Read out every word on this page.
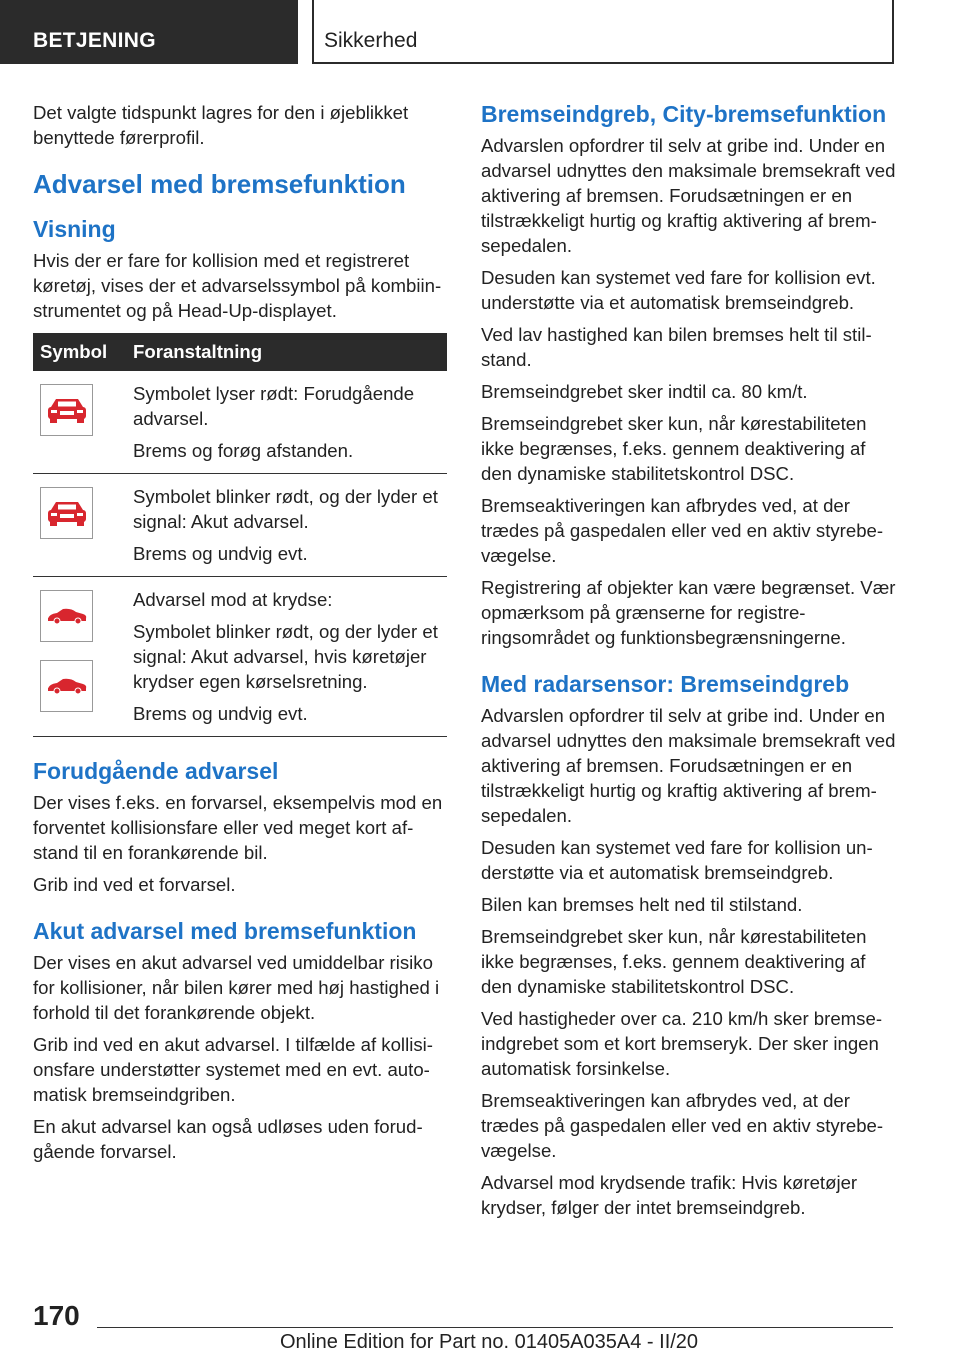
BETJENING	Sikkerhed

Det valgte tidspunkt lagres for den i øjeblikket benyttede førerprofil.

Advarsel med bremsefunktion
Visning

Hvis der er fare for kollision med et registreret køretøj, vises der et advarselssymbol på kombiinstrumentet og på Head-Up-displayet.

Symbol	Foranstaltning

Symbolet lyser rødt: Forudgående advarsel.

Brems og forøg afstanden.

Symbolet blinker rødt, og der lyder et signal: Akut advarsel.

Brems og undvig evt.

Advarsel mod at krydse:

Symbolet blinker rødt, og der lyder et signal: Akut advarsel, hvis køretøjer krydser egen kørselsretning.

Brems og undvig evt.

Forudgående advarsel

Der vises f.eks. en forvarsel, eksempelvis mod en forventet kollisionsfare eller ved meget kort afstand til en forankørende bil.

Grib ind ved et forvarsel.

Akut advarsel med bremsefunktion

Der vises en akut advarsel ved umiddelbar risiko for kollisioner, når bilen kører med høj hastighed i forhold til det forankørende objekt.

Grib ind ved en akut advarsel. I tilfælde af kollisionsfare understøtter systemet med en evt. automatisk bremseindgriben.

En akut advarsel kan også udløses uden forudgående forvarsel.

Bremseindgreb, City-bremsefunktion

Advarslen opfordrer til selv at gribe ind. Under en advarsel udnyttes den maksimale bremsekraft ved aktivering af bremsen. Forudsætningen er en tilstrækkeligt hurtig og kraftig aktivering af bremsepedalen.

Desuden kan systemet ved fare for kollision evt. understøtte via et automatisk bremseindgreb.

Ved lav hastighed kan bilen bremses helt til stilstand.

Bremseindgrebet sker indtil ca. 80 km/t.

Bremseindgrebet sker kun, når kørestabiliteten ikke begrænses, f.eks. gennem deaktivering af den dynamiske stabilitetskontrol DSC.

Bremseaktiveringen kan afbrydes ved, at der trædes på gaspedalen eller ved en aktiv styrebevægelse.

Registrering af objekter kan være begrænset. Vær opmærksom på grænserne for registreringsområdet og funktionsbegrænsningerne.

Med radarsensor: Bremseindgreb

Advarslen opfordrer til selv at gribe ind. Under en advarsel udnyttes den maksimale bremsekraft ved aktivering af bremsen. Forudsætningen er en tilstrækkeligt hurtig og kraftig aktivering af bremsepedalen.

Desuden kan systemet ved fare for kollision understøtte via et automatisk bremseindgreb.

Bilen kan bremses helt ned til stilstand.

Bremseindgrebet sker kun, når kørestabiliteten ikke begrænses, f.eks. gennem deaktivering af den dynamiske stabilitetskontrol DSC.

Ved hastigheder over ca. 210 km/h sker bremseindgrebet som et kort bremseryk. Der sker ingen automatisk forsinkelse.

Bremseaktiveringen kan afbrydes ved, at der trædes på gaspedalen eller ved en aktiv styrebevægelse.

Advarsel mod krydsende trafik: Hvis køretøjer krydser, følger der intet bremseindgreb.

170
Online Edition for Part no. 01405A035A4 - II/20
